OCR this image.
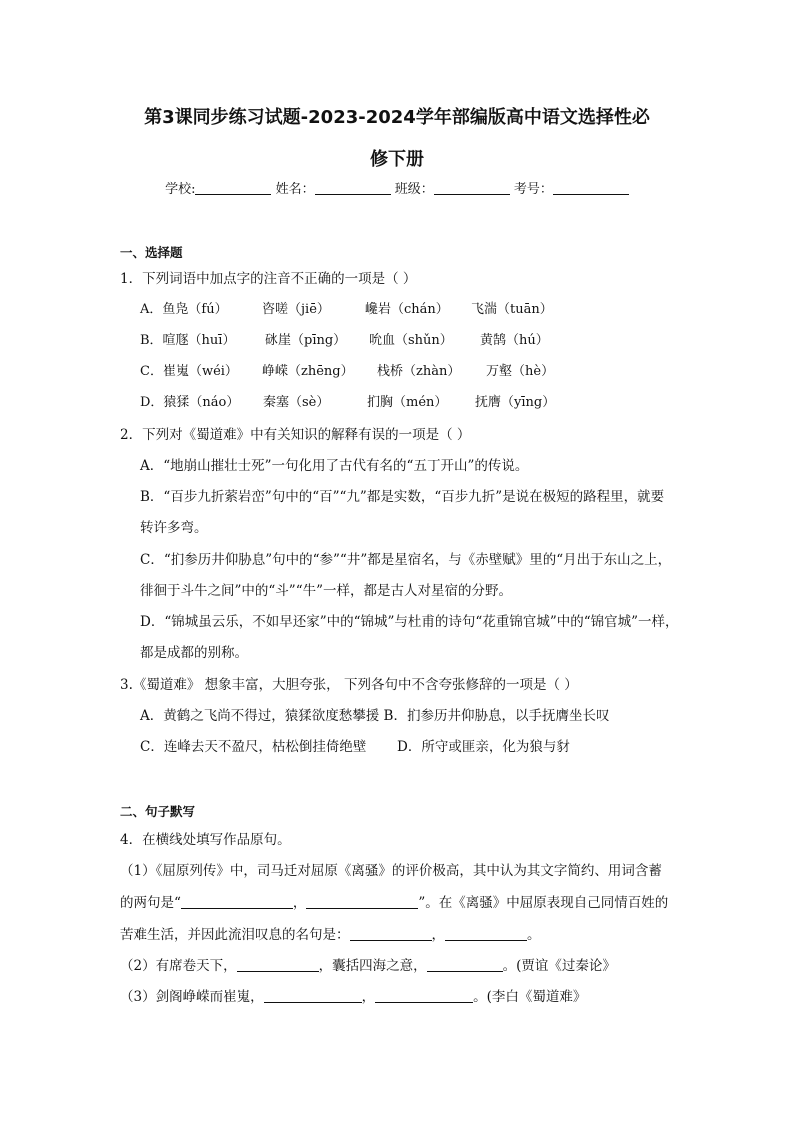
第3课同步练习试题-2023-2024学年部编版高中语文选择性必
修下册
学校:	姓名：	班级：	考号：
一、选择题
1．下列词语中加点字的注音不正确的一项是（ ）
A．鱼凫（fú）	咨嗟（jiē）	巉岩（chán） 飞湍（tuān）
B．喧豗（huī） 砯崖（pīng） 吮血（shǔn） 黄鹄（hú）
C．崔嵬（wéi） 峥嵘（zhēng） 栈桥（zhàn） 万壑（hè）
D．猿猱（náo） 秦塞（sè）	扪胸（mén） 抚膺（yīng）
2．下列对《蜀道难》中有关知识的解释有误的一项是（ ）
A．“地崩山摧壮士死”一句化用了古代有名的“五丁开山”的传说。
B．“百步九折萦岩峦”句中的“百”“九”都是实数，“百步九折”是说在极短的路程里，就要
转许多弯。
C．“扪参历井仰胁息”句中的“参”“井”都是星宿名，与《赤壁赋》里的“月出于东山之上，
徘徊于斗牛之间”中的“斗”“牛”一样，都是古人对星宿的分野。
D．“锦城虽云乐，不如早还家”中的“锦城”与杜甫的诗句“花重锦官城”中的“锦官城”一样，
都是成都的别称。
3.《蜀道难》 想象丰富，大胆夸张， 下列各句中不含夸张修辞的一项是（ ）
A．黄鹤之飞尚不得过，猿猱欲度愁攀援 B．扪参历井仰胁息，以手抚膺坐长叹
C．连峰去天不盈尺，枯松倒挂倚绝壁 D．所守或匪亲，化为狼与豺
二、句子默写
4．在横线处填写作品原句。
（1）《屈原列传》中，司马迁对屈原《离骚》的评价极高，其中认为其文字简约、用词含蓄
的两句是“	，	”。在《离骚》中屈原表现自己同情百姓的
苦难生活，并因此流泪叹息的名句是：	，	。
（2）有席卷天下，	，囊括四海之意，	。(贾谊《过秦论》
（3）剑阁峥嵘而崔嵬，	，	。(李白《蜀道难》
